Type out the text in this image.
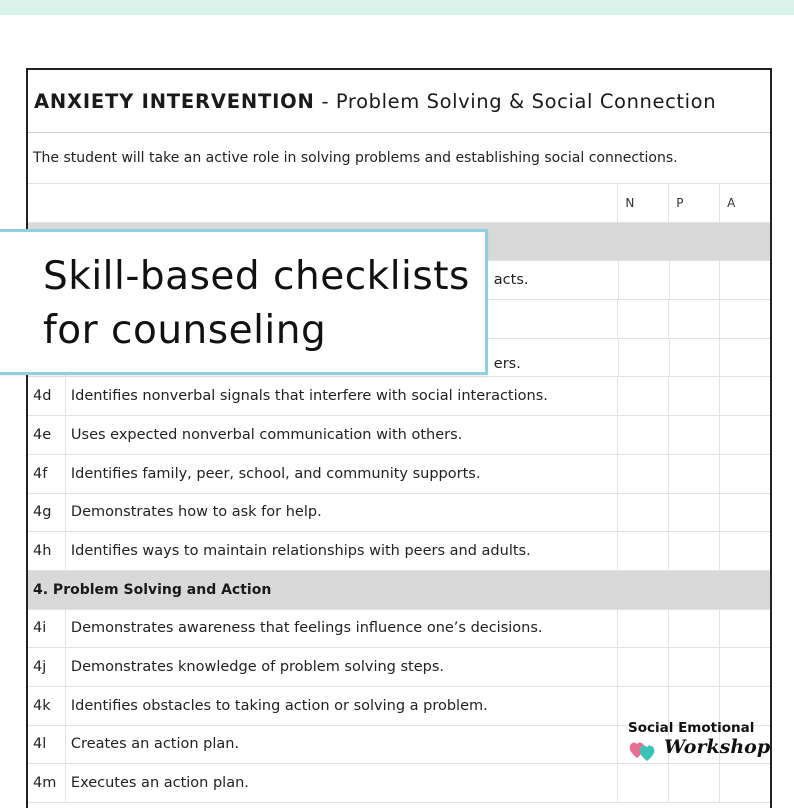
ANXIETY INTERVENTION - Problem Solving & Social Connection
The student will take an active role in solving problems and establishing social connections.
N	P	A
acts.
ers.
4d	Identifies nonverbal signals that interfere with social interactions.
4e	Uses expected nonverbal communication with others.
4f	Identifies family, peer, school, and community supports.
4g	Demonstrates how to ask for help.
4h	Identifies ways to maintain relationships with peers and adults.
4. Problem Solving and Action
4i	Demonstrates awareness that feelings influence one’s decisions.
4j	Demonstrates knowledge of problem solving steps.
4k	Identifies obstacles to taking action or solving a problem.
4l	Creates an action plan.
4m	Executes an action plan.
Skill-based checklists
for counseling
Social Emotional
Workshop
